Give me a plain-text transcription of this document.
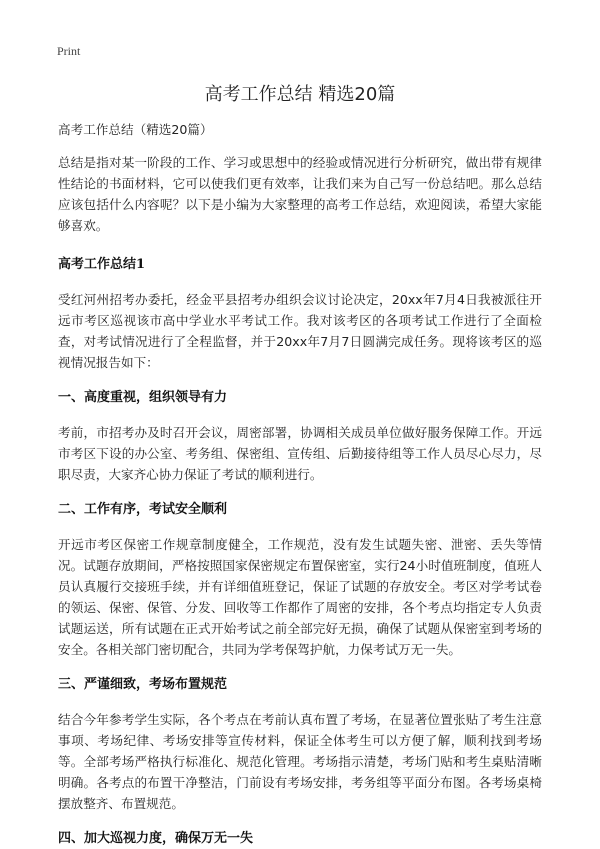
Print
高考工作总结 精选20篇

高考工作总结（精选20篇）

总结是指对某一阶段的工作、学习或思想中的经验或情况进行分析研究，做出带有规律性结论的书面材料，它可以使我们更有效率，让我们来为自己写一份总结吧。那么总结应该包括什么内容呢？以下是小编为大家整理的高考工作总结，欢迎阅读，希望大家能够喜欢。

高考工作总结1

受红河州招考办委托，经金平县招考办组织会议讨论决定，20xx年7月4日我被派往开远市考区巡视该市高中学业水平考试工作。我对该考区的各项考试工作进行了全面检查，对考试情况进行了全程监督，并于20xx年7月7日圆满完成任务。现将该考区的巡视情况报告如下：

一、高度重视，组织领导有力

考前，市招考办及时召开会议，周密部署，协调相关成员单位做好服务保障工作。开远市考区下设的办公室、考务组、保密组、宣传组、后勤接待组等工作人员尽心尽力，尽职尽责，大家齐心协力保证了考试的顺利进行。

二、工作有序，考试安全顺利

开远市考区保密工作规章制度健全，工作规范，没有发生试题失密、泄密、丢失等情况。试题存放期间，严格按照国家保密规定布置保密室，实行24小时值班制度，值班人员认真履行交接班手续，并有详细值班登记，保证了试题的存放安全。考区对学考试卷的领运、保密、保管、分发、回收等工作都作了周密的安排，各个考点均指定专人负责试题运送，所有试题在正式开始考试之前全部完好无损，确保了试题从保密室到考场的安全。各相关部门密切配合，共同为学考保驾护航，力保考试万无一失。

三、严谨细致，考场布置规范

结合今年参考学生实际，各个考点在考前认真布置了考场，在显著位置张贴了考生注意事项、考场纪律、考场安排等宣传材料，保证全体考生可以方便了解，顺利找到考场等。全部考场严格执行标准化、规范化管理。考场指示清楚，考场门贴和考生桌贴清晰明确。各考点的布置干净整洁，门前设有考场安排，考务组等平面分布图。各考场桌椅摆放整齐、布置规范。

四、加大巡视力度，确保万无一失
